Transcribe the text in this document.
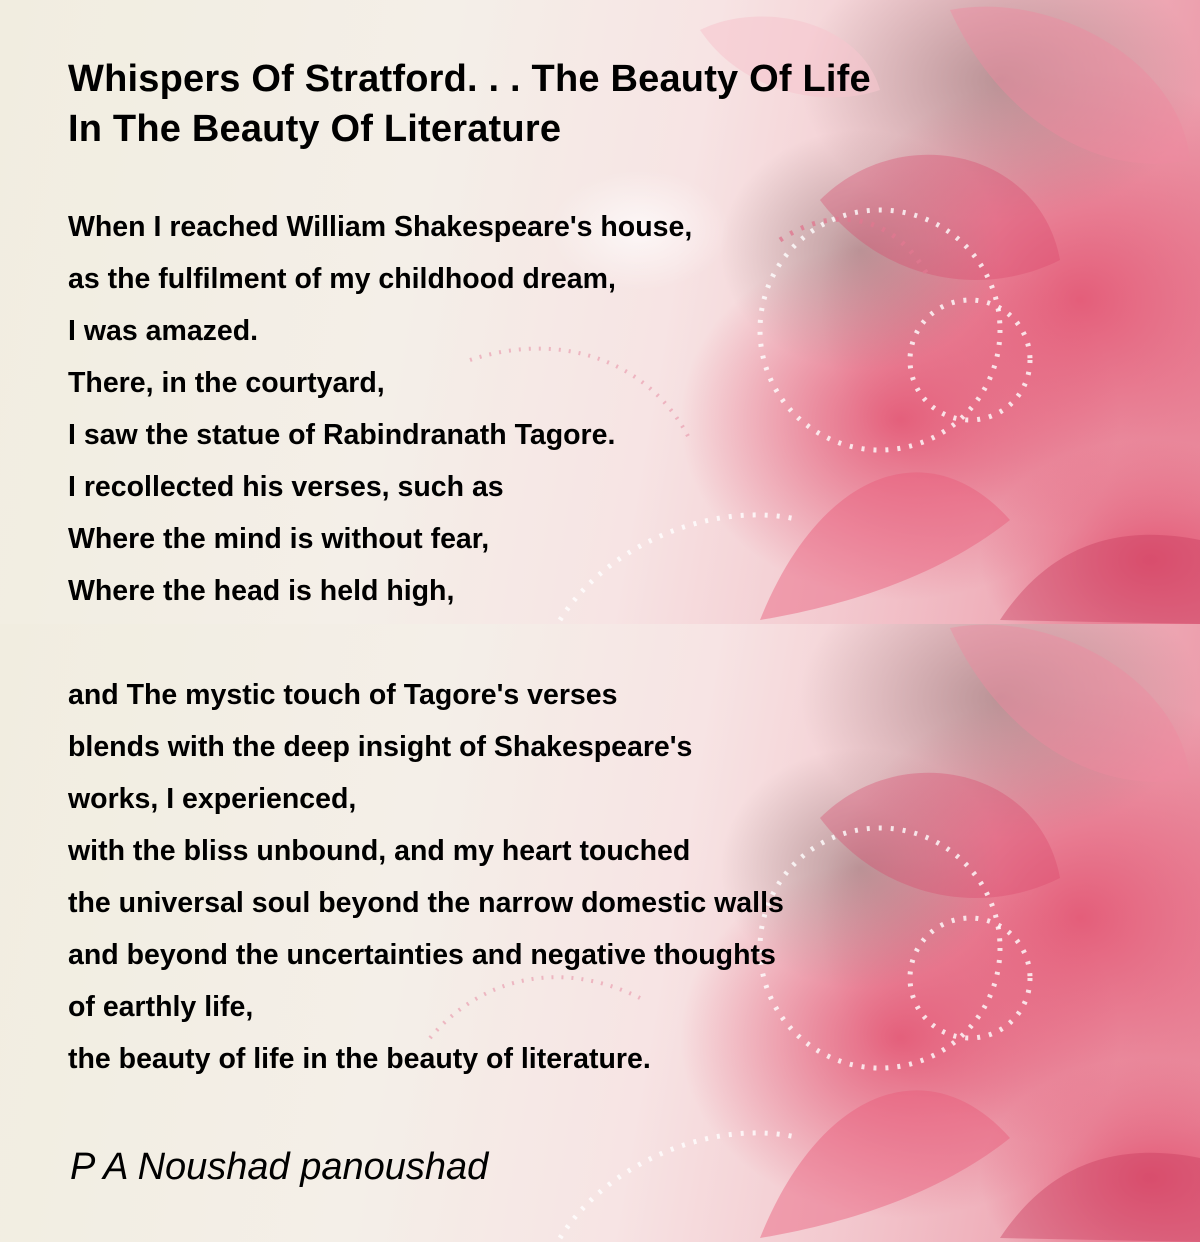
Whispers Of Stratford. . . The Beauty Of Life
In The Beauty Of Literature
When I reached William Shakespeare's house,
as the fulfilment of my childhood dream,
I was amazed.
There, in the courtyard,
I saw the statue of Rabindranath Tagore.
I recollected his verses, such as
Where the mind is without fear,
Where the head is held high,
and The mystic touch of Tagore's verses
blends with the deep insight of Shakespeare's
works, I experienced,
with the bliss unbound, and my heart touched
the universal soul beyond the narrow domestic walls
and beyond the uncertainties and negative thoughts
of earthly life,
the beauty of life in the beauty of literature.

P A Noushad panoushad
